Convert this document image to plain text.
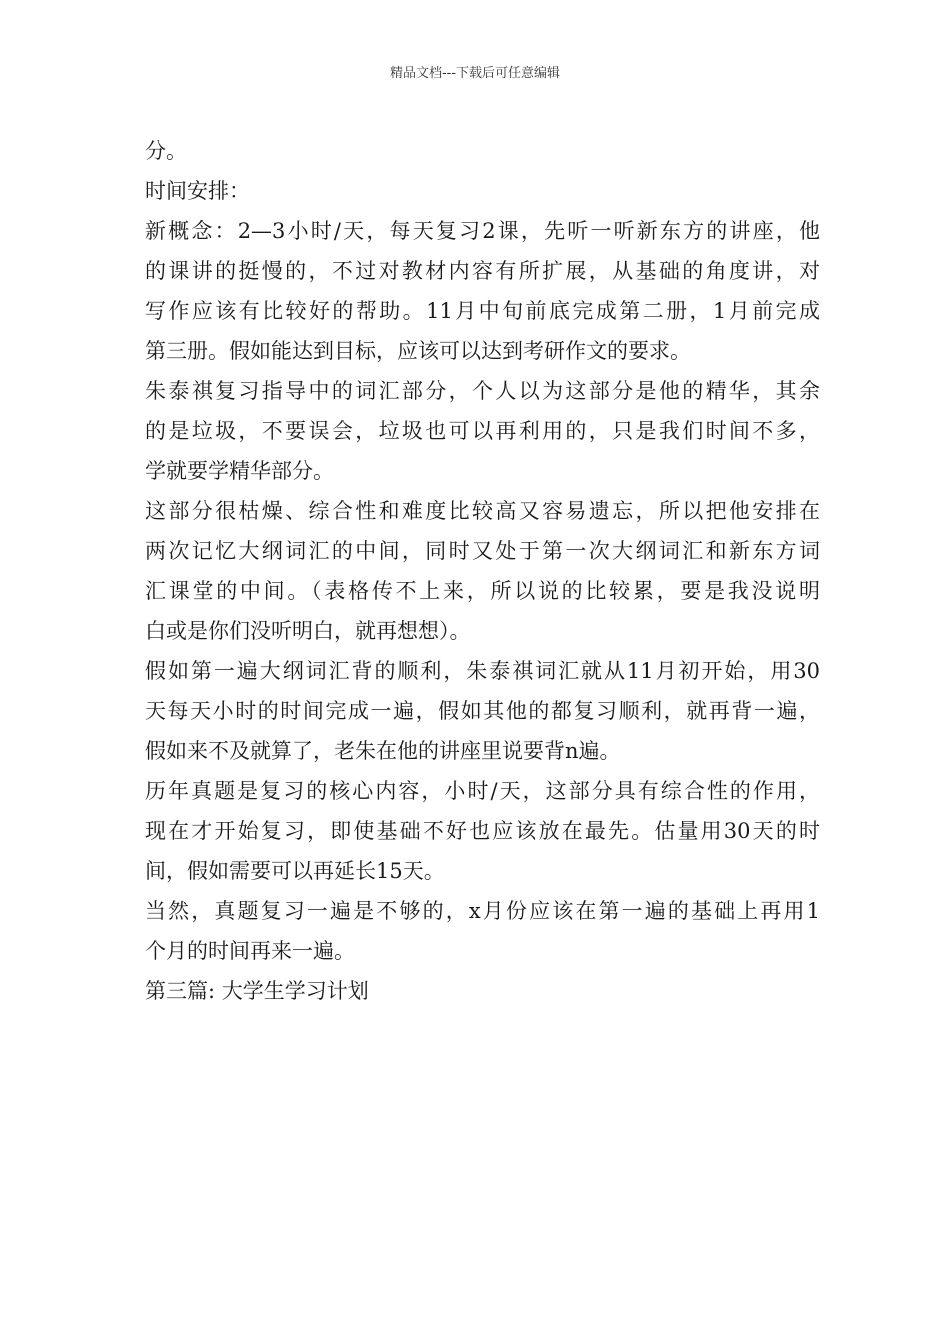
精品文档---下载后可任意编辑
分。
时间安排：
新概念：2—3小时/天，每天复习2课，先听一听新东方的讲座，他
的课讲的挺慢的，不过对教材内容有所扩展，从基础的角度讲，对
写作应该有比较好的帮助。11月中旬前底完成第二册，1月前完成
第三册。假如能达到目标，应该可以达到考研作文的要求。
朱泰祺复习指导中的词汇部分，个人以为这部分是他的精华，其余
的是垃圾，不要误会，垃圾也可以再利用的，只是我们时间不多，
学就要学精华部分。
这部分很枯燥、综合性和难度比较高又容易遗忘，所以把他安排在
两次记忆大纲词汇的中间，同时又处于第一次大纲词汇和新东方词
汇课堂的中间。（表格传不上来，所以说的比较累，要是我没说明
白或是你们没听明白，就再想想）。
假如第一遍大纲词汇背的顺利，朱泰祺词汇就从11月初开始，用30
天每天小时的时间完成一遍，假如其他的都复习顺利，就再背一遍，
假如来不及就算了，老朱在他的讲座里说要背n遍。
历年真题是复习的核心内容，小时/天，这部分具有综合性的作用，
现在才开始复习，即使基础不好也应该放在最先。估量用30天的时
间，假如需要可以再延长15天。
当然，真题复习一遍是不够的，x月份应该在第一遍的基础上再用1
个月的时间再来一遍。
第三篇: 大学生学习计划
